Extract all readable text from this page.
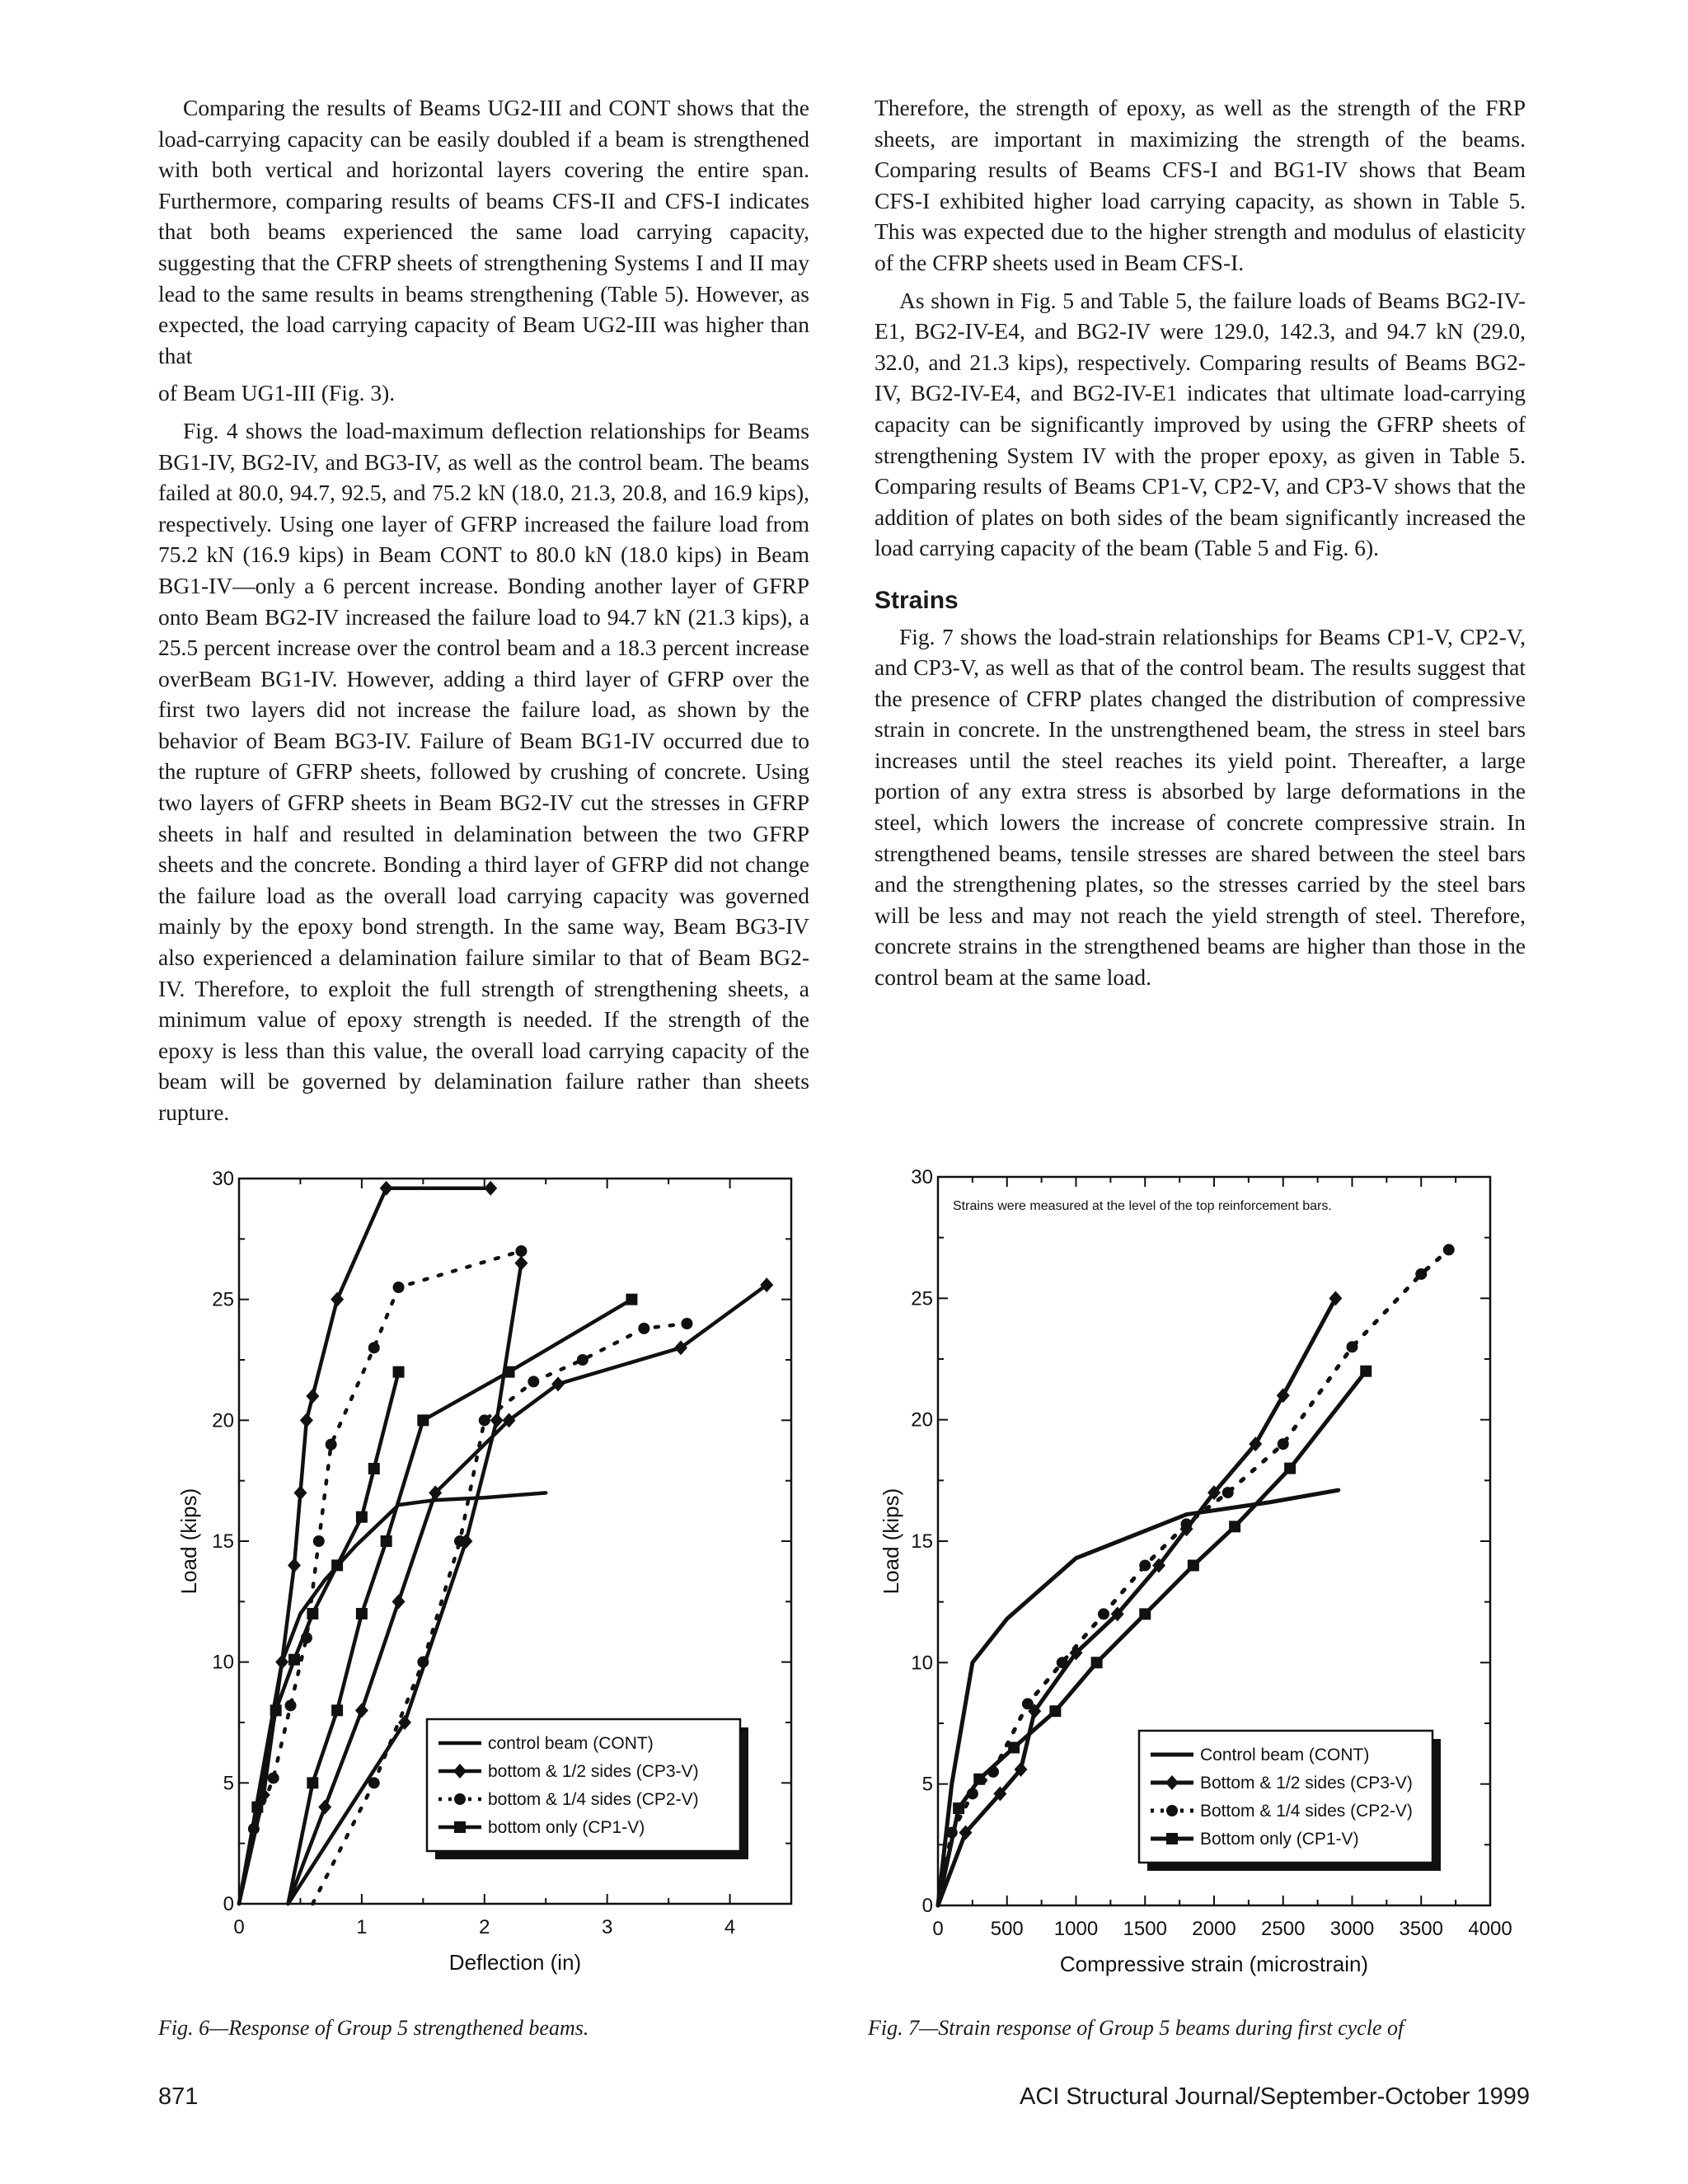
Comparing the results of Beams UG2-III and CONT shows that the load-carrying capacity can be easily doubled if a beam is strengthened with both vertical and horizontal layers covering the entire span. Furthermore, comparing results of beams CFS-II and CFS-I indicates that both beams experienced the same load carrying capacity, suggesting that the CFRP sheets of strengthening Systems I and II may lead to the same results in beams strengthening (Table 5). However, as expected, the load carrying capacity of Beam UG2-III was higher than that

of Beam UG1-III (Fig. 3).

Fig. 4 shows the load-maximum deflection relationships for Beams BG1-IV, BG2-IV, and BG3-IV, as well as the control beam. The beams failed at 80.0, 94.7, 92.5, and 75.2 kN (18.0, 21.3, 20.8, and 16.9 kips), respectively. Using one layer of GFRP increased the failure load from 75.2 kN (16.9 kips) in Beam CONT to 80.0 kN (18.0 kips) in Beam BG1-IV—only a 6 percent increase. Bonding another layer of GFRP onto Beam BG2-IV increased the failure load to 94.7 kN (21.3 kips), a 25.5 percent increase over the control beam and a 18.3 percent increase overBeam BG1-IV. However, adding a third layer of GFRP over the first two layers did not increase the failure load, as shown by the behavior of Beam BG3-IV. Failure of Beam BG1-IV occurred due to the rupture of GFRP sheets, followed by crushing of concrete. Using two layers of GFRP sheets in Beam BG2-IV cut the stresses in GFRP sheets in half and resulted in delamination between the two GFRP sheets and the concrete. Bonding a third layer of GFRP did not change the failure load as the overall load carrying capacity was governed mainly by the epoxy bond strength. In the same way, Beam BG3-IV also experienced a delamination failure similar to that of Beam BG2-IV. Therefore, to exploit the full strength of strengthening sheets, a minimum value of epoxy strength is needed. If the strength of the epoxy is less than this value, the overall load carrying capacity of the beam will be governed by delamination failure rather than sheets rupture.

Therefore, the strength of epoxy, as well as the strength of the FRP sheets, are important in maximizing the strength of the beams. Comparing results of Beams CFS-I and BG1-IV shows that Beam CFS-I exhibited higher load carrying capacity, as shown in Table 5. This was expected due to the higher strength and modulus of elasticity of the CFRP sheets used in Beam CFS-I.

As shown in Fig. 5 and Table 5, the failure loads of Beams BG2-IV-E1, BG2-IV-E4, and BG2-IV were 129.0, 142.3, and 94.7 kN (29.0, 32.0, and 21.3 kips), respectively. Comparing results of Beams BG2-IV, BG2-IV-E4, and BG2-IV-E1 indicates that ultimate load-carrying capacity can be significantly improved by using the GFRP sheets of strengthening System IV with the proper epoxy, as given in Table 5. Comparing results of Beams CP1-V, CP2-V, and CP3-V shows that the addition of plates on both sides of the beam significantly increased the load carrying capacity of the beam (Table 5 and Fig. 6).

Strains

Fig. 7 shows the load-strain relationships for Beams CP1-V, CP2-V, and CP3-V, as well as that of the control beam. The results suggest that the presence of CFRP plates changed the distribution of compressive strain in concrete. In the unstrengthened beam, the stress in steel bars increases until the steel reaches its yield point. Thereafter, a large portion of any extra stress is absorbed by large deformations in the steel, which lowers the increase of concrete compressive strain. In strengthened beams, tensile stresses are shared between the steel bars and the strengthening plates, so the stresses carried by the steel bars will be less and may not reach the yield strength of steel. Therefore, concrete strains in the strengthened beams are higher than those in the control beam at the same load.

0	1	2	3	4
0
5
10
15
20
25
30
control beam (CONT)
bottom & 1/2 sides (CP3-V)
bottom & 1/4 sides (CP2-V)
bottom only (CP1-V)
Deflection (in)
Load (kips)
0 500 1000 1500 2000 2500 3000 3500 4000
0
5
10
15
20
25
30
Strains were measured at the level of the top reinforcement bars.
Control beam (CONT)
Bottom & 1/2 sides (CP3-V)
Bottom & 1/4 sides (CP2-V)
Bottom only (CP1-V)
Compressive strain (microstrain)
Load (kips)
Fig. 6—Response of Group 5 strengthened beams.	Fig. 7—Strain response of Group 5 beams during first cycle of
871	ACI Structural Journal/September-October 1999
